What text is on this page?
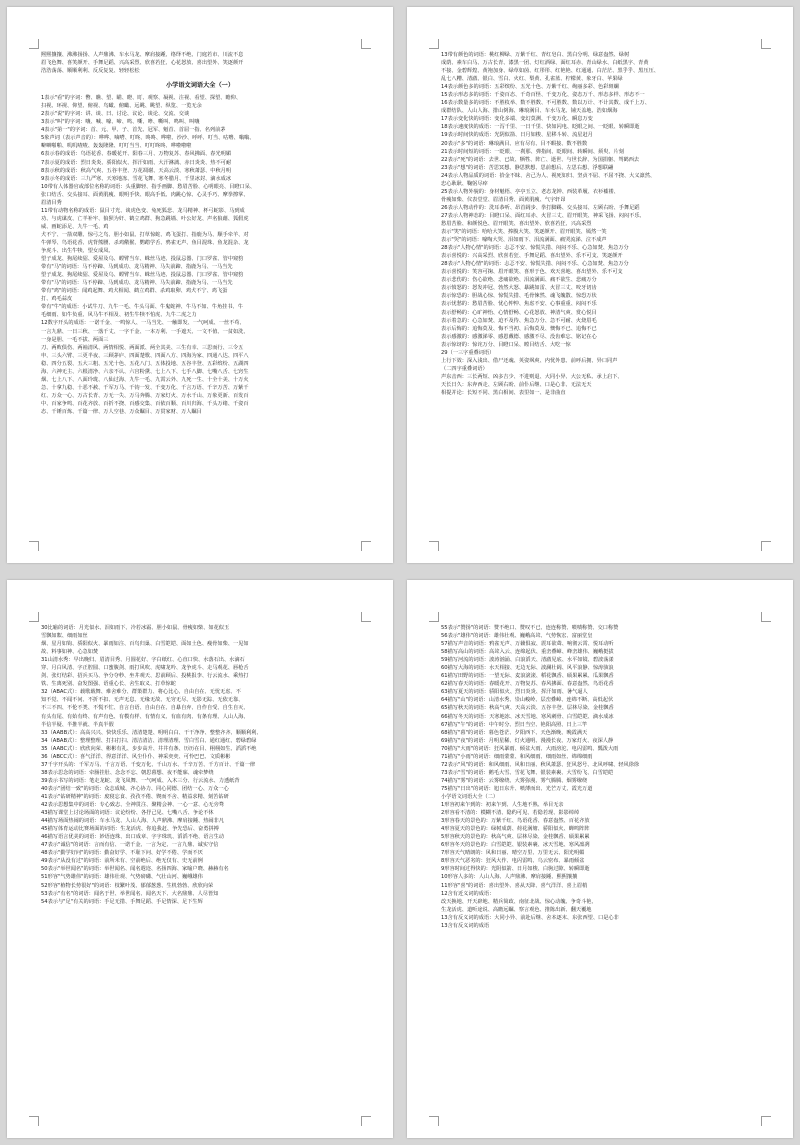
熙熙攘攘、沸沸扬扬、人声鼎沸、车水马龙、摩肩接踵、络绎不绝、门庭若市、川流不息
眉飞色舞、喜笑颜开、手舞足蹈、兴高采烈、欣喜若狂、心花怒放、喜出望外、笑逐颜开
浩浩荡荡、顺顺利利、反反复复、轻轻松松
小学语文词语大全（一）
1表示"看"的字词：瞥、瞧、望、瞄、瞪、盯、观察、凝视、注视、看望、探望、瞻仰、
扫视、环视、仰望、俯视、鸟瞰、俯瞰、远眺、眺望、纵览、一览无余
2表示"说"的字词：讲、谈、曰、讨论、议论、谈论、交流、交谈
3表示"叫"的字词：嚷、喊、嚎、啼、鸣、嘶、哮、嘶叫、鸣叫、叫嚷
4表示"第一"的字词：首、元、甲、子、首先、冠军、魁首、首屈一指、名列前茅
5象声词（表示声音的）：哗哗、嘀嗒、叮咚、咚咚、哗啦、沙沙、呼呼、叮当、咕噜、嗡嗡、
噼噼啪啪、叽叽喳喳、轰轰隆隆、叮叮当当、叮叮咚咚、哗啦啦啦
6表示春的成语：鸟语花香、春暖花开、阳春三月、万物复苏、春风拂面、春光明媚
7表示夏的成语：烈日炎炎、骄阳似火、挥汗如雨、大汗淋漓、赤日炎炎、热不可耐
8表示秋的成语：秋高气爽、五谷丰登、万花凋谢、天高云淡、寒秋萧瑟、中秋月明
9表示冬的成语：三九严寒、天寒地冻、雪花飞舞、寒冬腊月、千里冰封、滴水成冰
10带有人体器官或部位名称的词语：头重脚轻、指手画脚、愁眉苦脸、心明眼亮、目瞪口呆、
张口结舌、交头接耳、面黄肌瘦、眼明手快、眼高手低、肉跳心惊、心灵手巧、摩拳擦掌、
眉清目秀
11带有动物名称的成语：鼠目寸光、谈虎色变、兔死狐悲、龙马精神、杯弓蛇影、马到成
功、与虎谋皮、亡羊补牢、狼狈为奸、鹤立鸡群、狗急跳墙、叶公好龙、声名狼藉、狐假虎
威、画蛇添足、九牛一毛、鸡
犬不宁、一箭双雕、惊弓之鸟、胆小如鼠、打草惊蛇、鸡飞蛋打、指鹿为马、顺手牵羊、对
牛弹琴、鸟语花香、虎背熊腰、杀鸡儆猴、鹦鹉学舌、鸦雀无声、鱼目混珠、鱼龙混杂、龙
争虎斗、出生牛犊、望女成凤、
望子成龙、狗尾续貂、爱屋及乌、螳臂当车、蛛丝马迹、投鼠忌器、门口罗雀、管中窥豹
带有"马"的词语：马不停蹄、马到成功、龙马精神、马失前蹄、指鹿为马、一马当先
望子成龙、狗尾续貂、爱屋及乌、螳臂当车、蛛丝马迹、投鼠忌器、门口罗雀、管中窥豹
带有"马"的词语：马不停蹄、马到成功、龙马精神、马失前蹄、指鹿为马、一马当先
带有"鸡"的词语：闻鸡起舞、鸡犬相闻、鹤立鸡群、杀鸡取卵、鸡犬不宁、鸡飞蛋
打、鸡毛蒜皮
带有"牛"的成语：小试牛刀、九牛一毛、牛头马面、牛鬼蛇神、牛马不如、牛角挂书、牛
毛细雨、如牛负重、风马牛不相及、初生牛犊不怕虎、九牛二虎之力
12数字开头的成语：一诺千金、一鸣惊人、一马当先、一触即发、一气呵成、一丝不苟、
一言九鼎、一日三秋、一落千丈、一字千金、一本万利、一手遮天、一文不值、一贫如洗、
一身是胆、一毛不拔、两面三
刀、两败俱伤、两袖清风、两情相悦、两面派、两全其美、三生有幸、三思而行、三令五
申、三头六臂、三更半夜、三顾茅庐、四面楚歌、四面八方、四海为家、四通八达、四平八
稳、四分五裂、五大三粗、五光十色、五花八门、五体投地、五谷丰登、五彩缤纷、五湖四
海、六神无主、六根清净、六亲不认、六宫粉黛、七上八下、七手八脚、七嘴八舌、七窍生
烟、七上八下、八面玲珑、八仙过海、九牛一毛、九霄云外、九死一生、十全十美、十万火
急、十拿九稳、十恶不赦、千军万马、千钧一发、千变万化、千言万语、千辛万苦、万紫千
红、万众一心、万古长青、万无一失、万马奔腾、万家灯火、万水千山、万象更新、百发百
中、百家争鸣、百花齐放、百折不挠、百感交集、百依百顺、百川归海、千头万绪、千姿百
态、千锤百炼、千篇一律、万人空巷、万众瞩目、万贯家财、万人瞩目
13带有颜色的词语：桃红柳绿、万紫千红、青红皂白、黑白分明、绿意盎然、绿树
成荫、素车白马、万古长青、漆黑一团、灯红酒绿、面红耳赤、青山绿水、白纸黑字、青黄
不接、金碧辉煌、黄袍加身、绿草如茵、红彤彤、红艳艳、红通通、白茫茫、黑乎乎、黑压压、
乱七八糟、清澈、银白、雪白、火红、梨黄、孔雀蓝、柠檬黄、象牙白、苹果绿
14表示颜色多的词语：五彩缤纷、五光十色、万紫千红、绚丽多彩、色彩斑斓
15表示形态多的词语：千姿百态、千奇百怪、千变万化、姿态万千、形态多样、形态不一
16表示数量多的词语：不胜枚举、数不胜数、不可胜数、数以万计、不计其数、成千上万、
成群结队、人山人海、排山倒海、琳琅满目、车水马龙、铺天盖地、浩如烟海
17表示变化快的词语：变化多端、变幻莫测、千变万化、瞬息万变
18表示速度快的成语：一泻千里、一日千里、快如闪电、眨眼之间、一眨眼、转瞬即逝
19表示时间快的成语：光阴似箭、日月如梭、星移斗转、流星赶月
20表示"多"的词语：琳琅满目、应有尽有、目不暇接、数不胜数
21表示时间短的词语：一眨眼、一刹那、弹指间、眨眼间、转瞬间、须臾、片刻
22表示"死"的词语：去世、已故、牺牲、阵亡、逝世、与世长辞、为国捐躯、驾鹤西去
23表示"想"的词语：苦思冥想、静思默想、思前想后、左思右想、浮想联翩
24表示人物品质的词语：拾金不昧、舍己为人、视死如归、坚贞不屈、不屈不挠、大义凛然、
忠心耿耿、鞠躬尽瘁
25表示人物外貌的：身材魁梧、亭亭玉立、老态龙钟、西装革履、衣衫褴褛、
骨瘦如柴、仪表堂堂、眉清目秀、面黄肌瘦、气宇轩昂
26表示人物动作的：洗耳恭听、昂首阔步、拳打脚踢、交头接耳、左顾右盼、手舞足蹈
27表示人物神态的：目瞪口呆、面红耳赤、火冒三丈、眉开眼笑、神采飞扬、闷闷不乐、
愁眉苦脸、和颜悦色、眉开眼笑、喜出望外、欣喜若狂、兴高采烈
表示"笑"的词语：哈哈大笑、捧腹大笑、笑逐颜开、眉开眼笑、嫣然一笑
表示"哭"的词语：嚎啕大哭、泪如雨下、泪流满面、痛哭流涕、泣不成声
28表示"人物心情"的词语：忐忑不安、惊慌失措、闷闷不乐、心急如焚、焦急万分
表示喜悦的：兴高采烈、欣喜若狂、手舞足蹈、喜出望外、乐不可支、笑逐颜开
28表示"人物心情"的词语：忐忑不安、惊慌失措、闷闷不乐、心急如焚、焦急万分
表示喜悦的：笑容可掬、眉开眼笑、喜形于色、欢天喜地、喜出望外、乐不可支
表示悲伤的：伤心欲绝、悲痛欲绝、泪流满面、痛不欲生、悲痛万分
表示愤怒的：怒发冲冠、勃然大怒、暴跳如雷、火冒三丈、咬牙切齿
表示惊恐的：胆战心惊、惊慌失措、毛骨悚然、魂飞魄散、惊恐万状
表示忧愁的：愁眉苦脸、忧心忡忡、焦虑不安、心事重重、闷闷不乐
表示舒畅的：心旷神怡、心情舒畅、心花怒放、神清气爽、赏心悦目
表示着急的：心急如焚、迫不及待、焦急万分、急不可耐、火烧眉毛
表示后悔的：追悔莫及、悔不当初、后悔莫及、懊悔不已、追悔不已
表示感激的：感激涕零、感恩戴德、感激不尽、没齿难忘、铭记在心
表示惊讶的：惊诧万分、目瞪口呆、瞠目结舌、大吃一惊
29（一三字重叠词语）
上行下效：深入浅出、借尸还魂、英姿飒爽、内忧外患、前呼后拥、异口同声
（二四字重叠词语）
声东击西：三长两短、凶多吉少、不进则退、大同小异、大公无私、承上启下、
天长日久：东奔西走、左顾右盼、前仆后继、口是心非、无法无天
相提并论：长短不同、黑白相间、表里如一、是非曲直
30比喻的词语：月光似水、泪如雨下、冷若冰霜、胆小如鼠、骨瘦如柴、如花似玉
雪飘如絮、细雨如丝
烟、星月如钩、骄阳似火、暴雨如注、百鸟归巢、白雪皑皑、面如土色、瘦骨如柴、一见如
故、料事如神、心急如焚
31山清水秀：早出晚归、眉清目秀、月圆花好、字白纸红、心直口快、水落石出、水滴石
穿、月白风清、字正腔圆、口蜜腹剑、雨打风吹、虎啸龙吟、龙争虎斗、走马观花、唇枪舌
剑、张灯结彩、招兵买马、争分夺秒、坐井观天、思前顾后、投桃报李、行云流水、乘热打
铁、生离死别、奋发图强、语重心长、舍生取义、打草惊蛇
32（ABAC式）：载歌载舞、难舍难分、群策群力、将心比心、自由自在、无忧无虑、不
知不觉、不闻不问、不折不扣、无声无息、无缘无故、无穷无尽、无影无踪、无依无靠、
不三不四、不伦不类、不慌不忙、自言自语、自由自在、自暴自弃、自作自受、自生自灭、
有头有尾、有始有终、有声有色、有模有样、有情有义、有血有肉、有条有理、人山人海、
半信半疑、半推半就、半真半假
33（AABB式）：高高兴兴、快快乐乐、清清楚楚、明明白白、干干净净、整整齐齐、顺顺利利、
34（ABAB式）：整理整理、打扫打扫、清洁清洁、清理清理、雪白雪白、通红通红、碧绿碧绿
35（AABC式）：欣欣向荣、彬彬有礼、步步高升、井井有条、历历在目、栩栩如生、滔滔不绝
36（ABCC式）：喜气洋洋、得意洋洋、风尘仆仆、神采奕奕、可怜巴巴、文质彬彬
37千字开头的：千军万马、千言万语、千变万化、千山万水、千辛万苦、千方百计、千篇一律
38表示思念的词语：牵肠挂肚、念念不忘、朝思暮想、夜不能寐、魂牵梦绕
39表示书写的词语：笔走龙蛇、龙飞凤舞、一气呵成、入木三分、行云流水、力透纸背
40表示"团结一致"的词语：众志成城、齐心协力、同心同德、团结一心、万众一心
41表示"钻研精神"的词语：废寝忘食、孜孜不倦、锲而不舍、精益求精、刻苦钻研
42表示思想集中的词语：专心致志、全神贯注、聚精会神、一心一意、心无旁骛
43描写课堂上讨论场面的词语：议论纷纷、各抒己见、七嘴八舌、争论不休
44描写场面热闹的词语：车水马龙、人山人海、人声鼎沸、摩肩接踵、热闹非凡
45描写体育运动比赛场面的词语：生龙活虎、你追我赶、争先恐后、奋勇拼搏
46描写语言优美的词语：妙语连珠、出口成章、字字珠玑、滔滔不绝、语言生动
47表示"诚信"的词语：言而有信、一诺千金、一言为定、一言九鼎、诚实守信
48表示"勤学好问"的词语：勤奋好学、不耻下问、好学不倦、学而不厌
49表示"从没有过"的词语：前所未有、空前绝后、绝无仅有、史无前例
50表示"举世闻名"的词语：举世闻名、闻名遐迩、名扬四海、家喻户晓、赫赫有名
51形容"气势雄伟"的词语：雄伟壮观、气势磅礴、气壮山河、巍峨雄伟
52形容"植物长势很好"的词语：枝繁叶茂、郁郁葱葱、生机勃勃、欣欣向荣
53表示"有名"的词语：闻名于世、举世闻名、闻名天下、大名鼎鼎、人尽皆知
54表示与"足"有关的词语：手足无措、手舞足蹈、手足情深、足下生辉
55表示"赞扬"的词语：赞不绝口、赞叹不已、连连称赞、啧啧称赞、交口称赞
56表示"雄伟"的词语：雄伟壮观、巍峨高耸、气势恢宏、富丽堂皇
57描写声音的词语：鸦雀无声、万籁俱寂、震耳欲聋、响彻云霄、悦耳动听
58描写高山的词语：高耸入云、连绵起伏、重峦叠嶂、峰峦雄伟、巍峨挺拔
59描写河流的词语：波涛汹涌、白浪滔天、清澈见底、水平如镜、碧波荡漾
60描写大海的词语：水天相接、无边无际、波澜壮阔、风平浪静、惊涛骇浪
61描写田野的词语：一望无际、麦浪滚滚、稻花飘香、硕果累累、瓜果飘香
62描写春天的词语：春暖花开、万物复苏、春风拂面、春意盎然、鸟语花香
63描写夏天的词语：骄阳似火、烈日炎炎、挥汗如雨、暑气逼人
64描写"山"的词语：山清水秀、崇山峻岭、层峦叠嶂、连绵不断、高低起伏
65描写秋天的词语：秋高气爽、天高云淡、五谷丰登、层林尽染、金桂飘香
66描写冬天的词语：天寒地冻、冰天雪地、寒风刺骨、白雪皑皑、滴水成冰
67描写"午"的词语：中午时分、烈日当空、艳阳高照、日上三竿
68描写"暮"的词语：暮色苍茫、夕阳西下、天色渐晚、晚霞满天
69描写"夜"的词语：月明星稀、灯火通明、漫漫长夜、万家灯火、夜深人静
70描写"大雨"的词语：狂风暴雨、倾盆大雨、大雨滂沱、电闪雷鸣、瓢泼大雨
71描写"小雨"的词语：细雨蒙蒙、和风细雨、细雨如丝、绵绵细雨
72表示"风"的词语：和风细雨、风和日丽、秋风萧瑟、狂风怒号、北风呼啸、轻风徐徐
73表示"雪"的词语：鹅毛大雪、雪花飞舞、银装素裹、大雪纷飞、白雪皑皑
74描写"雾"的词语：云雾缭绕、大雾弥漫、雾气腾腾、烟雾缭绕
75描写"日出"的词语：旭日东升、喷薄而出、光芒万丈、霞光万道
小学语文词语大全（二）
1形容初来乍到的：初来乍到、人生地不熟、举目无亲
2形容看不清的：模糊不清、隐约可见、若隐若现、影影绰绰
3形容春天的景色的：万紫千红、鸟语花香、春意盎然、百花齐放
4形容夏天的景色的：绿树成荫、荷花满塘、骄阳似火、蝉鸣阵阵
5形容秋天的景色的：秋高气爽、层林尽染、金桂飘香、硕果累累
6形容冬天的景色的：白雪皑皑、银装素裹、冰天雪地、寒风凛冽
7形容天气晴朗的：风和日丽、晴空万里、万里无云、阳光明媚
8形容天气恶劣的：狂风大作、电闪雷鸣、乌云密布、暴雨倾盆
9形容时间过得快的：光阴似箭、日月如梭、白驹过隙、转瞬即逝
10形容人多的：人山人海、人声鼎沸、摩肩接踵、熙熙攘攘
11形容"喜"的词语：喜出望外、喜从天降、喜气洋洋、喜上眉梢
12含有近义词的成语：
改天换地、开天辟地、精兵简政、南征北战、惊心动魄、争奇斗艳、
生龙活虎、道听途说、高瞻远瞩、察言观色、推陈出新、翻天覆地
13含有反义词的成语：大同小异、前赴后继、舍本逐末、东张西望、口是心非
13含有反义词的成语
